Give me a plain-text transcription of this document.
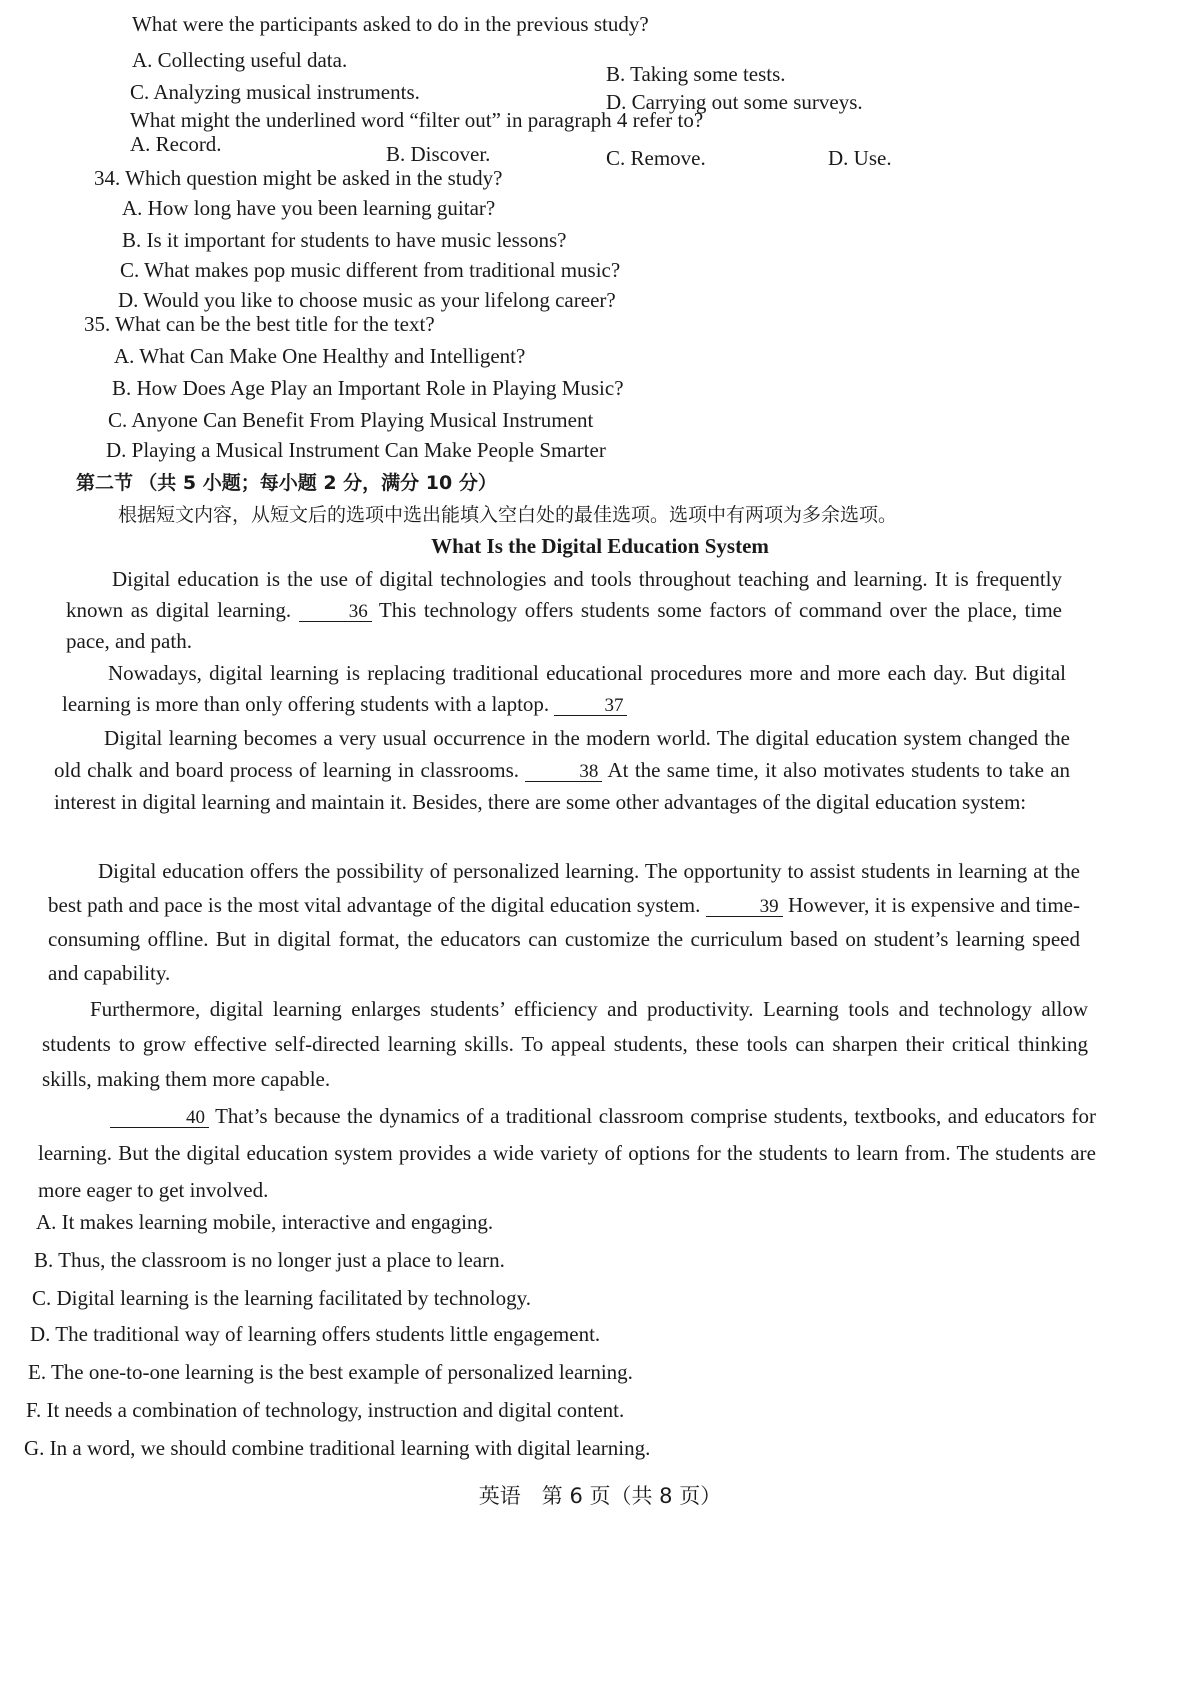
What were the participants asked to do in the previous study?
A. Collecting useful data.
B. Taking some tests.
C. Analyzing musical instruments.	D. Carrying out some surveys.
What might the underlined word “filter out” in paragraph 4 refer to?
A. Record.	B. Discover.	C. Remove.	D. Use.
34. Which question might be asked in the study?
A. How long have you been learning guitar?
B. Is it important for students to have music lessons?
C. What makes pop music different from traditional music?
D. Would you like to choose music as your lifelong career?
35. What can be the best title for the text?
A. What Can Make One Healthy and Intelligent?
B. How Does Age Play an Important Role in Playing Music?
C. Anyone Can Benefit From Playing Musical Instrument
D. Playing a Musical Instrument Can Make People Smarter
第二节 （共 5 小题；每小题 2 分，满分 10 分）
根据短文内容，从短文后的选项中选出能填入空白处的最佳选项。选项中有两项为多余选项。
What Is the Digital Education System
Digital education is the use of digital technologies and tools throughout teaching and learning. It is frequently known as digital learning.	36 This technology offers students some factors of command over the place, time pace, and path.
Nowadays, digital learning is replacing traditional educational procedures more and more each day. But digital learning is more than only offering students with a laptop.	37
Digital learning becomes a very usual occurrence in the modern world. The digital education system changed the old chalk and board process of learning in classrooms.	38 At the same time, it also motivates students to take an interest in digital learning and maintain it. Besides, there are some other advantages of the digital education system:
Digital education offers the possibility of personalized learning. The opportunity to assist students in learning at the best path and pace is the most vital advantage of the digital education system.	39 However, it is expensive and time-consuming offline. But in digital format, the educators can customize the curriculum based on student’s learning speed and capability.
Furthermore, digital learning enlarges students’ efficiency and productivity. Learning tools and technology allow students to grow effective self-directed learning skills. To appeal students, these tools can sharpen their critical thinking skills, making them more capable.
40 That’s because the dynamics of a traditional classroom comprise students, textbooks, and educators for learning. But the digital education system provides a wide variety of options for the students to learn from. The students are more eager to get involved.
A. It makes learning mobile, interactive and engaging.
B. Thus, the classroom is no longer just a place to learn.
C. Digital learning is the learning facilitated by technology.
D. The traditional way of learning offers students little engagement.
E. The one-to-one learning is the best example of personalized learning.
F. It needs a combination of technology, instruction and digital content.
G. In a word, we should combine traditional learning with digital learning.
英语　第 6 页（共 8 页）
